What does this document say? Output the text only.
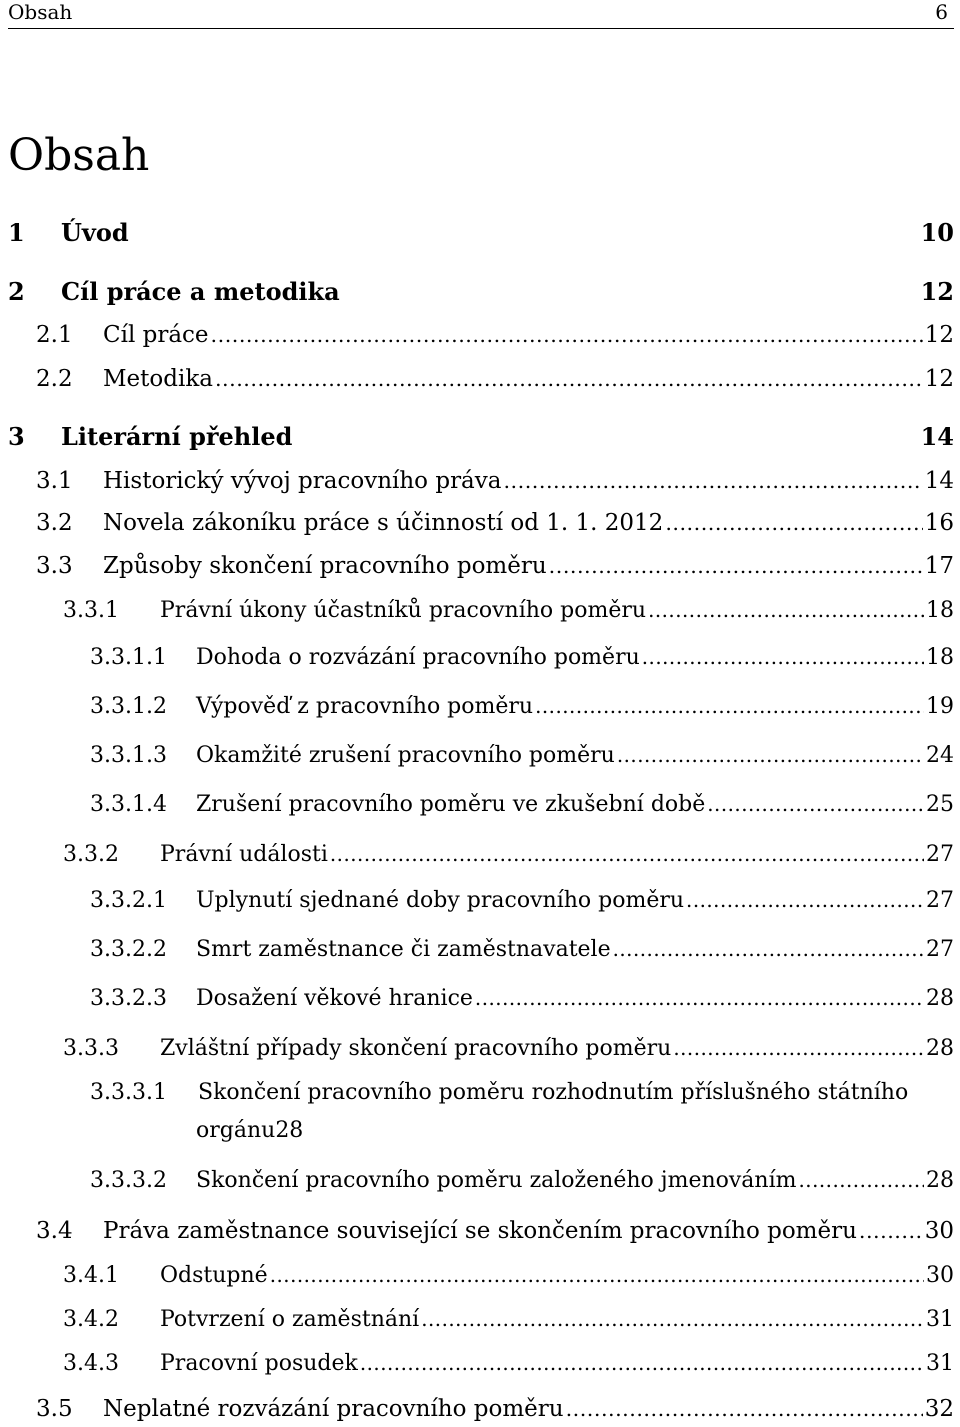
Obsah	6
Obsah
1	Úvod	10
2	Cíl práce a metodika	12
2.1	Cíl práce .....	12
2.2	Metodika .....	12
3	Literární přehled	14
3.1	Historický vývoj pracovního práva .....	14
3.2	Novela zákoníku práce s účinností od 1. 1. 2012 .....	16
3.3	Způsoby skončení pracovního poměru .....	17
3.3.1	Právní úkony účastníků pracovního poměru .....	18
3.3.1.1	Dohoda o rozvázání pracovního poměru .....	18
3.3.1.2	Výpověď z pracovního poměru .....	19
3.3.1.3	Okamžité zrušení pracovního poměru .....	24
3.3.1.4	Zrušení pracovního poměru ve zkušební době .....	25
3.3.2	Právní události .....	27
3.3.2.1	Uplynutí sjednané doby pracovního poměru .....	27
3.3.2.2	Smrt zaměstnance či zaměstnavatele .....	27
3.3.2.3	Dosažení věkové hranice .....	28
3.3.3	Zvláštní případy skončení pracovního poměru .....	28
3.3.3.1	Skončení pracovního poměru rozhodnutím příslušného státního
orgánu 28
3.3.3.2	Skončení pracovního poměru založeného jmenováním .....	28
3.4	Práva zaměstnance související se skončením pracovního poměru .....	30
3.4.1	Odstupné .....	30
3.4.2	Potvrzení o zaměstnání .....	31
3.4.3	Pracovní posudek .....	31
3.5	Neplatné rozvázání pracovního poměru .....	32
